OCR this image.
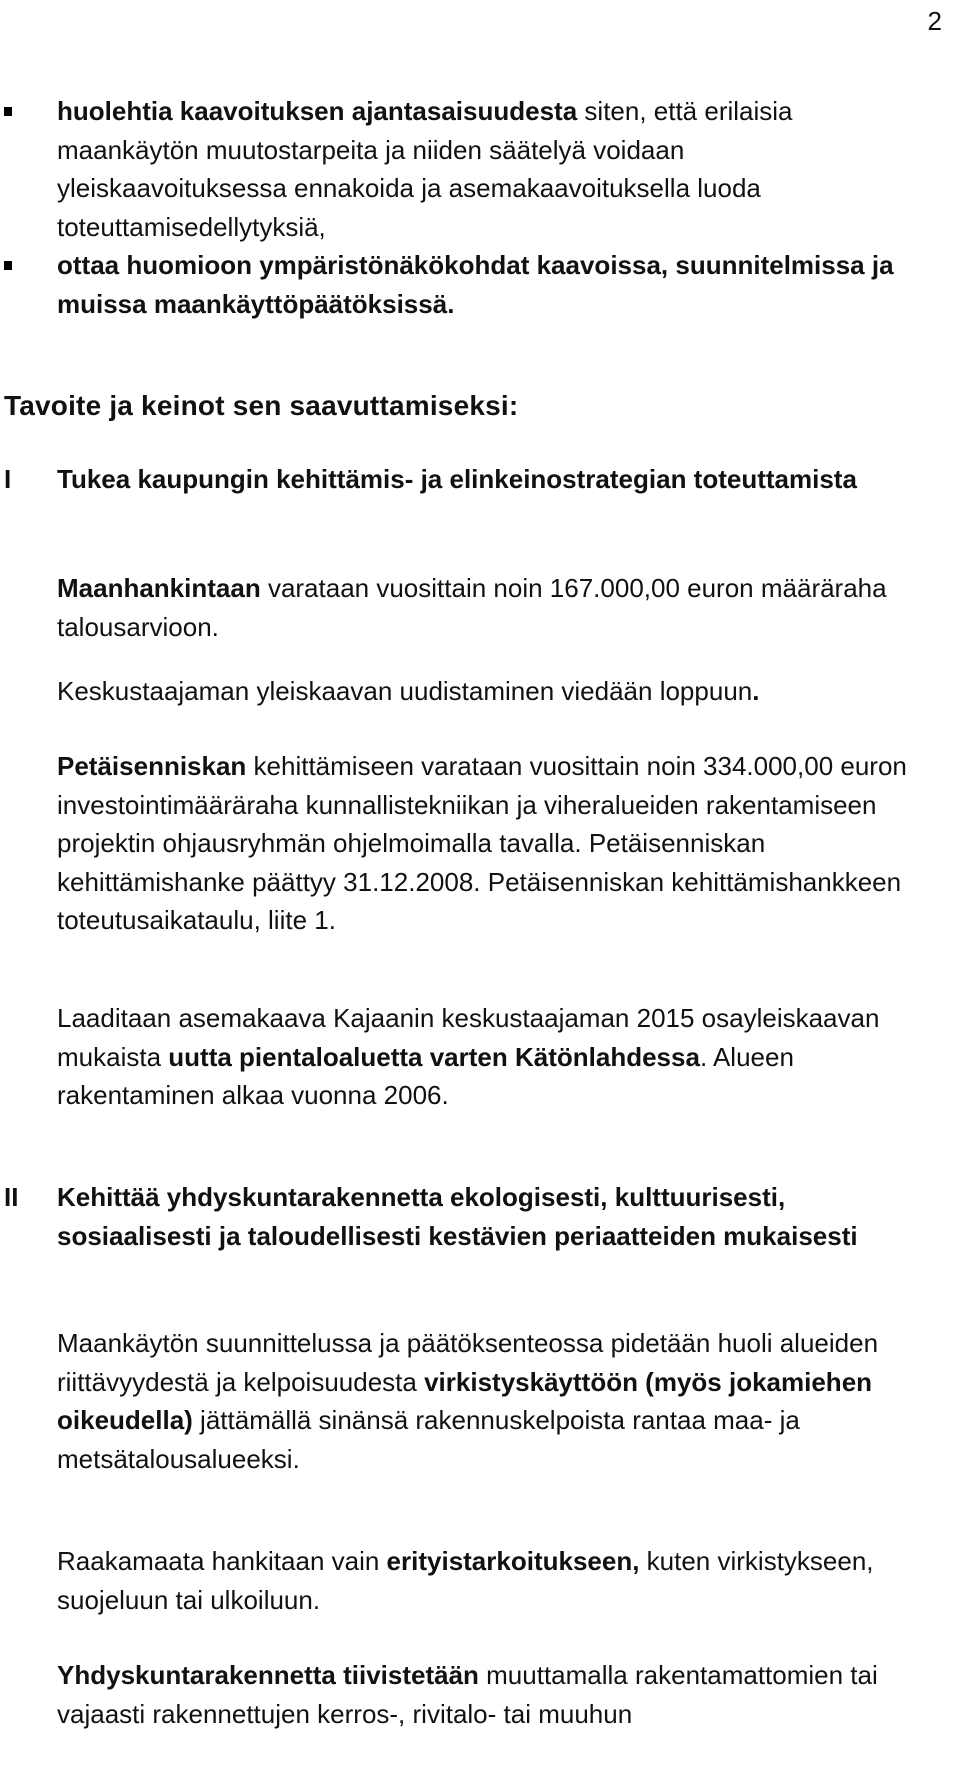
2
huolehtia kaavoituksen ajantasaisuudesta siten, että erilaisia maankäytön muutostarpeita ja niiden säätelyä voidaan yleiskaavoituksessa ennakoida ja asemakaavoituksella luoda toteuttamisedellytyksiä,
ottaa huomioon ympäristönäkökohdat kaavoissa, suunnitelmissa ja muissa maankäyttöpäätöksissä.
Tavoite ja keinot sen saavuttamiseksi:
I Tukea kaupungin kehittämis- ja elinkeinostrategian toteuttamista

Maanhankintaan varataan vuosittain noin 167.000,00 euron määräraha talousarvioon.

Keskustaajaman yleiskaavan uudistaminen viedään loppuun.

Petäisenniskan kehittämiseen varataan vuosittain noin 334.000,00 euron investointimääräraha kunnallistekniikan ja viheralueiden rakentamiseen projektin ohjausryhmän ohjelmoimalla tavalla. Petäisenniskan kehittämishanke päättyy 31.12.2008. Petäisenniskan kehittämishankkeen toteutusaikataulu, liite 1.

Laaditaan asemakaava Kajaanin keskustaajaman 2015 osayleiskaavan mukaista uutta pientaloaluetta varten Kätönlahdessa. Alueen rakentaminen alkaa vuonna 2006.

II Kehittää yhdyskuntarakennetta ekologisesti, kulttuurisesti, sosiaalisesti ja taloudellisesti kestävien periaatteiden mukaisesti

Maankäytön suunnittelussa ja päätöksenteossa pidetään huoli alueiden riittävyydestä ja kelpoisuudesta virkistyskäyttöön (myös jokamiehen oikeudella) jättämällä sinänsä rakennuskelpoista rantaa maa- ja metsätalousalueeksi.

Raakamaata hankitaan vain erityistarkoitukseen, kuten virkistykseen, suojeluun tai ulkoiluun.

Yhdyskuntarakennetta tiivistetään muuttamalla rakentamattomien tai vajaasti rakennettujen kerros-, rivitalo- tai muuhun
